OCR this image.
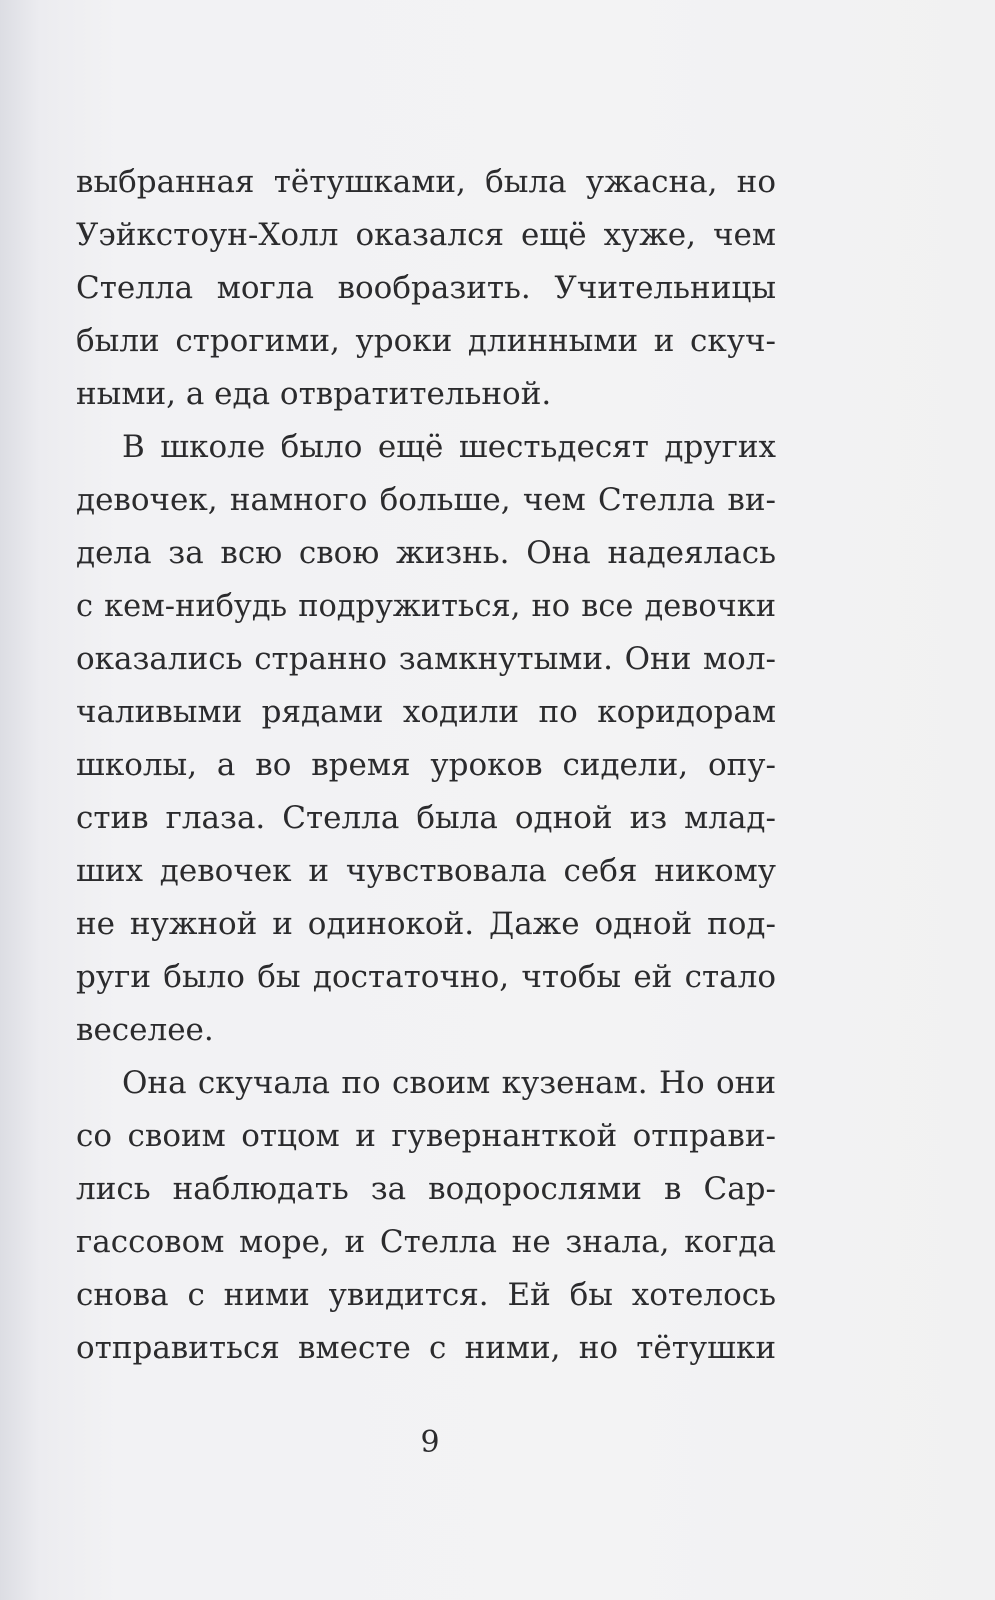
выбранная тётушками, была ужасна, но
Уэйкстоун-Холл оказался ещё хуже, чем
Стелла могла вообразить. Учительницы
были строгими, уроки длинными и скуч-
ными, а еда отвратительной.
В школе было ещё шестьдесят других
девочек, намного больше, чем Стелла ви-
дела за всю свою жизнь. Она надеялась
с кем-нибудь подружиться, но все девочки
оказались странно замкнутыми. Они мол-
чаливыми рядами ходили по коридорам
школы, а во время уроков сидели, опу-
стив глаза. Стелла была одной из млад-
ших девочек и чувствовала себя никому
не нужной и одинокой. Даже одной под-
руги было бы достаточно, чтобы ей стало
веселее.
Она скучала по своим кузенам. Но они
со своим отцом и гувернанткой отправи-
лись наблюдать за водорослями в Сар-
гассовом море, и Стелла не знала, когда
снова с ними увидится. Ей бы хотелось
отправиться вместе с ними, но тётушки
9
